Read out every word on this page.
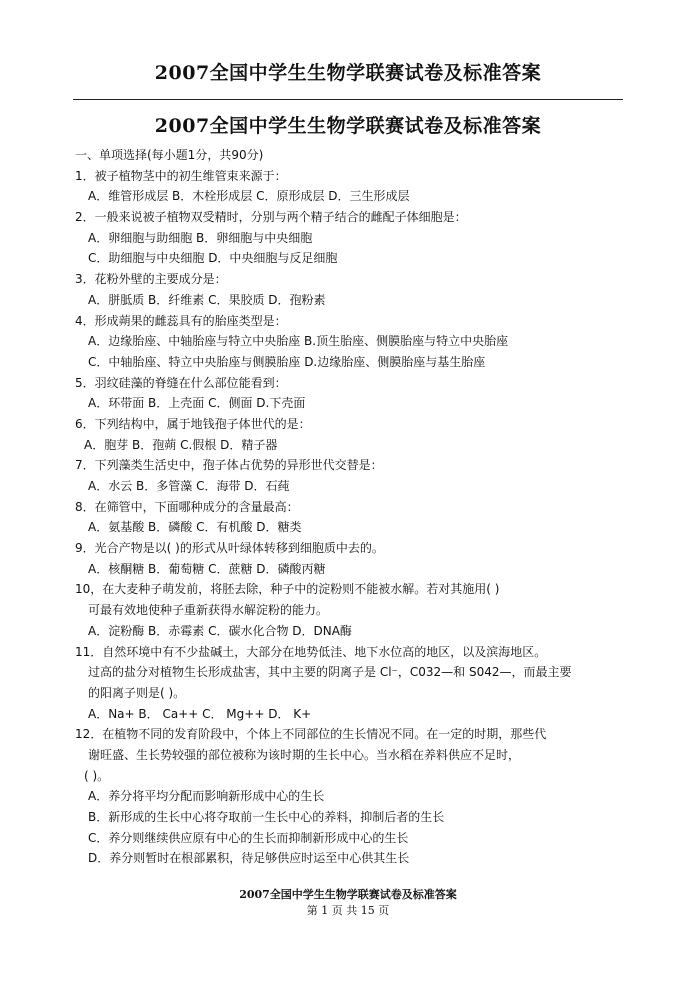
2007全国中学生生物学联赛试卷及标准答案
2007全国中学生生物学联赛试卷及标准答案
一、单项选择(每小题1分，共90分)
1．被子植物茎中的初生维管束来源于：
A．维管形成层 B．木栓形成层 C．原形成层 D．三生形成层
2．一般来说被子植物双受精时，分别与两个精子结合的雌配子体细胞是：
A．卵细胞与助细胞 B．卵细胞与中央细胞
C．助细胞与中央细胞 D．中央细胞与反足细胞
3．花粉外壁的主要成分是：
A．胼胝质 B．纤维素 C．果胶质 D．孢粉素
4．形成蒴果的雌蕊具有的胎座类型是：
A．边缘胎座、中轴胎座与特立中央胎座 B.顶生胎座、侧膜胎座与特立中央胎座
C．中轴胎座、特立中央胎座与侧膜胎座 D.边缘胎座、侧膜胎座与基生胎座
5．羽纹硅藻的脊缝在什么部位能看到：
A．环带面 B．上壳面 C．侧面 D.下壳面
6．下列结构中，属于地钱孢子体世代的是：
A．胞芽 B．孢蒴 C.假根 D．精子器
7．下列藻类生活史中，孢子体占优势的异形世代交替是：
A．水云 B．多管藻 C．海带 D．石莼
8．在筛管中，下面哪种成分的含量最高：
A．氨基酸 B．磷酸 C．有机酸 D．糖类
9．光合产物是以( )的形式从叶绿体转移到细胞质中去的。
A．核酮糖 B．葡萄糖 C．蔗糖 D．磷酸丙糖
10，在大麦种子萌发前，将胚去除，种子中的淀粉则不能被水解。若对其施用( )
可最有效地使种子重新获得水解淀粉的能力。
A．淀粉酶 B．赤霉素 C．碳水化合物 D．DNA酶
11．自然环境中有不少盐碱土，大部分在地势低洼、地下水位高的地区，以及滨海地区。
过高的盐分对植物生长形成盐害，其中主要的阴离子是 Cl⁻，C032—和 S042—，而最主要
的阳离子则是( )。
A．Na+ B． Ca++ C． Mg++ D． K+
12．在植物不同的发育阶段中，个体上不同部位的生长情况不同。在一定的时期，那些代
谢旺盛、生长势较强的部位被称为该时期的生长中心。当水稻在养料供应不足时，
( )。
A．养分将平均分配而影响新形成中心的生长
B．新形成的生长中心将夺取前一生长中心的养料，抑制后者的生长
C．养分则继续供应原有中心的生长而抑制新形成中心的生长
D．养分则暂时在根部累积，待足够供应时运至中心供其生长
2007全国中学生生物学联赛试卷及标准答案
第 1 页 共 15 页
